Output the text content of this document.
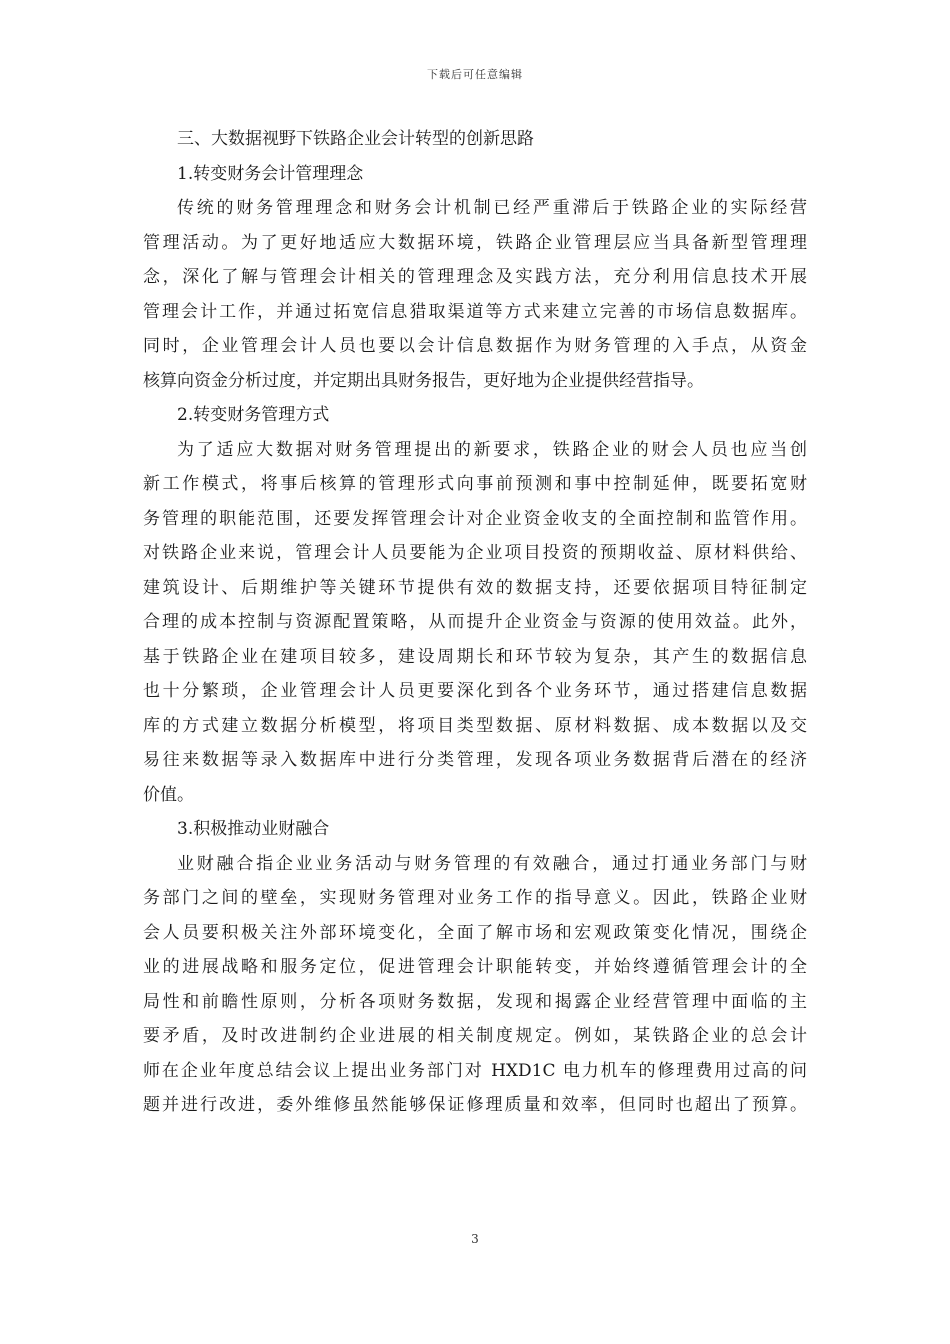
下载后可任意编辑
三、大数据视野下铁路企业会计转型的创新思路
1.转变财务会计管理理念
传统的财务管理理念和财务会计机制已经严重滞后于铁路企业的实际经营
管理活动。为了更好地适应大数据环境，铁路企业管理层应当具备新型管理理
念，深化了解与管理会计相关的管理理念及实践方法，充分利用信息技术开展
管理会计工作，并通过拓宽信息猎取渠道等方式来建立完善的市场信息数据库。
同时，企业管理会计人员也要以会计信息数据作为财务管理的入手点，从资金
核算向资金分析过度，并定期出具财务报告，更好地为企业提供经营指导。
2.转变财务管理方式
为了适应大数据对财务管理提出的新要求，铁路企业的财会人员也应当创
新工作模式，将事后核算的管理形式向事前预测和事中控制延伸，既要拓宽财
务管理的职能范围，还要发挥管理会计对企业资金收支的全面控制和监管作用。
对铁路企业来说，管理会计人员要能为企业项目投资的预期收益、原材料供给、
建筑设计、后期维护等关键环节提供有效的数据支持，还要依据项目特征制定
合理的成本控制与资源配置策略，从而提升企业资金与资源的使用效益。此外，
基于铁路企业在建项目较多，建设周期长和环节较为复杂，其产生的数据信息
也十分繁琐，企业管理会计人员更要深化到各个业务环节，通过搭建信息数据
库的方式建立数据分析模型，将项目类型数据、原材料数据、成本数据以及交
易往来数据等录入数据库中进行分类管理，发现各项业务数据背后潜在的经济
价值。
3.积极推动业财融合
业财融合指企业业务活动与财务管理的有效融合，通过打通业务部门与财
务部门之间的壁垒，实现财务管理对业务工作的指导意义。因此，铁路企业财
会人员要积极关注外部环境变化，全面了解市场和宏观政策变化情况，围绕企
业的进展战略和服务定位，促进管理会计职能转变，并始终遵循管理会计的全
局性和前瞻性原则，分析各项财务数据，发现和揭露企业经营管理中面临的主
要矛盾，及时改进制约企业进展的相关制度规定。例如，某铁路企业的总会计
师在企业年度总结会议上提出业务部门对 HXD1C 电力机车的修理费用过高的问
题并进行改进，委外维修虽然能够保证修理质量和效率，但同时也超出了预算。
3
